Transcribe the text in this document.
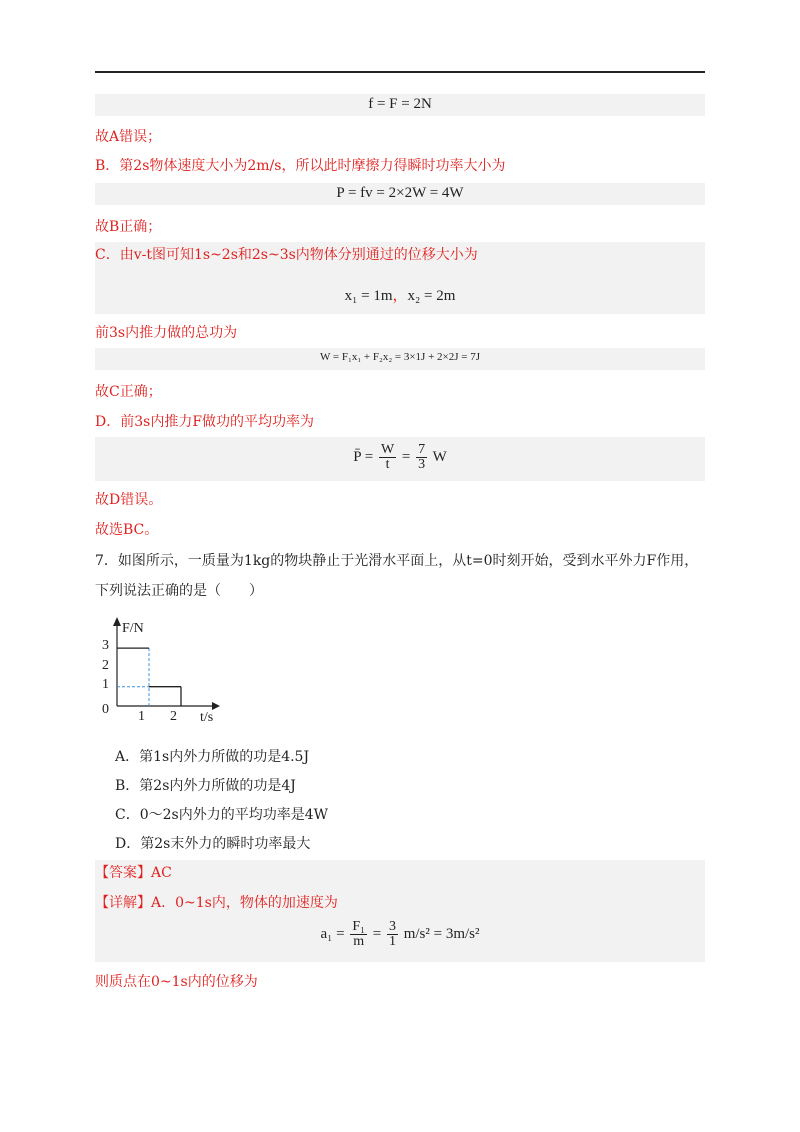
f = F = 2N
故A错误；
B．第2s物体速度大小为2m/s，所以此时摩擦力得瞬时功率大小为
P = fv = 2×2W = 4W
故B正确；
C．由v-t图可知1s~2s和2s~3s内物体分别通过的位移大小为
x₁ = 1m，x₂ = 2m
前3s内推力做的总功为
W = F₁x₁ + F₂x₂ = 3×1J + 2×2J = 7J
故C正确；
D．前3s内推力F做功的平均功率为
P̄ = $\frac{W}{t} = \frac{7}{3}$ W
故D错误。
故选BC。
7．如图所示，一质量为1kg的物块静止于光滑水平面上，从t=0时刻开始，受到水平外力F作用，
下列说法正确的是（　　）
F/N
t/s
3
2
1
0 1 2
A．第1s内外力所做的功是4.5J
B．第2s内外力所做的功是4J
C．0～2s内外力的平均功率是4W
D．第2s末外力的瞬时功率最大
【答案】AC
【详解】A．0~1s内，物体的加速度为
$a_1 = \frac{\text{F₁}}{m} = \frac{3}{1} m/s^2 = 3m/s^2$
则质点在0~1s内的位移为
